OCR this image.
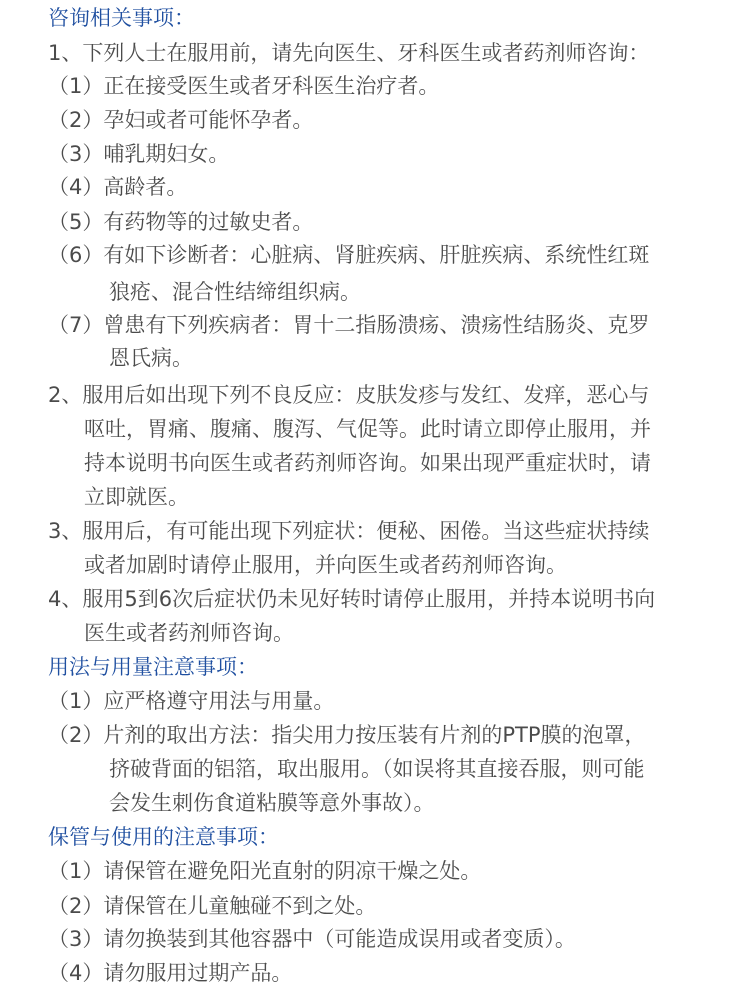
咨询相关事项：
1、下列人士在服用前，请先向医生、牙科医生或者药剂师咨询：
（1）正在接受医生或者牙科医生治疗者。
（2）孕妇或者可能怀孕者。
（3）哺乳期妇女。
（4）高龄者。
（5）有药物等的过敏史者。
（6）有如下诊断者：心脏病、肾脏疾病、肝脏疾病、系统性红斑
狼疮、混合性结缔组织病。
（7）曾患有下列疾病者：胃十二指肠溃疡、溃疡性结肠炎、克罗
恩氏病。
2、服用后如出现下列不良反应：皮肤发疹与发红、发痒，恶心与
呕吐，胃痛、腹痛、腹泻、气促等。此时请立即停止服用，并
持本说明书向医生或者药剂师咨询。如果出现严重症状时，请
立即就医。
3、服用后，有可能出现下列症状：便秘、困倦。当这些症状持续
或者加剧时请停止服用，并向医生或者药剂师咨询。
4、服用5到6次后症状仍未见好转时请停止服用，并持本说明书向
医生或者药剂师咨询。
用法与用量注意事项：
（1）应严格遵守用法与用量。
（2）片剂的取出方法：指尖用力按压装有片剂的PTP膜的泡罩，
挤破背面的铝箔，取出服用。（如误将其直接吞服，则可能
会发生刺伤食道粘膜等意外事故）。
保管与使用的注意事项：
（1）请保管在避免阳光直射的阴凉干燥之处。
（2）请保管在儿童触碰不到之处。
（3）请勿换装到其他容器中（可能造成误用或者变质）。
（4）请勿服用过期产品。
